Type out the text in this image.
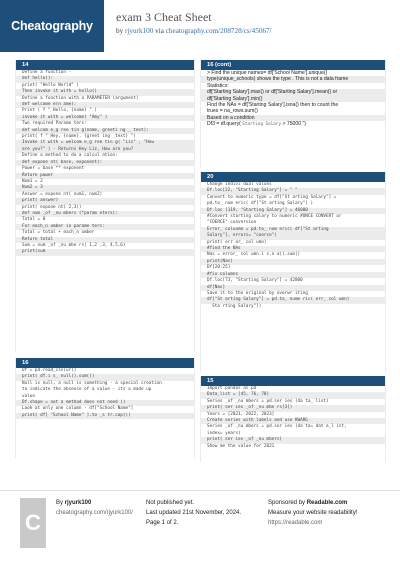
Cheatography
exam 3 Cheat Sheet
by rjyurk100 via cheatography.com/208728/cs/45067/
14
Define a function -
def hello():
print( "Hello World" )
Then invoke it with = hello()
Define a function with a PARAMETER (argument)
def welcome e(n ame):
Print ( f " Hello, {name} " )
invoke it with = welcome( "Amy" )
Two required Parame ters:
def welcom e_g ree tin g(name, greeti ng _ text):
print( f " Hey, {name}. {greet ing _text} ")
Invoke it with = welcom e_g ree tin g( "Liz" , "How
are you?" ) - Returns Hey Liz, How are you?
Define a method to do a calcul ation:
def expone nt( base, exponent):
Power = base ** exponent
Return power
Num1 = 2
Num2 = 3
Answer = expone nt( num1, num2)
print( answer)
print( expone nt( 2,3))
def num _of _nu mbers (*param eters):
Total = 0
For each_n umber in parame ters:
Total = total + each_n umber
Return total
Sum = num _of _nu mbe rs( 1,2 ,3, 4,5,6)
print(sum
16
Df = pd.read_csv(url)
print( df.i s_ null().sum())
Null is null, a null is something - a special creation
to indicate the absence of a value - its a made up
value
Df.shape = not a method does not need ()
Look at only one column - df["School Name"]
print( df[ "School Name" ].to _s tr.cap())
16 (cont)
> Find the unique names= df['School Name'].unique()
type(unique_schools) shows the type . This is not a data frame
Statistics:
df['Starting Salary'].max() or df['Starting Salary'].mean() or
df['Starting Salary'].min()
Find the NAs = df['Starting Salary'].isna() then to count the
trues = na_rows.sum()
Based on a condition
Df3 = df.query( Starting Salary > 75000 ")
20
Change indivi dual values
Df.loc[22, "Starting Salary"] = " "
Convert to numeric type = df["St arting Salary"] =
pd.to_ num eric( df["St arting Salary"] )
Df.loc [119, "Starting Salary"] = 46000
#Convert starting salary to numeric #ONCE CONVERT or
"COERCE" conversion
Error_ coluomn = pd.to_ num eric( df["St arting
Salary"], errors= "coerce")
print( err or_ col umn)
#find the NAs
Nas = error_ col umn.i s.n a().sum()
print(Nas)
Df[20:25]
#fix columns
Df.loc[73, "Starting Salary"] = 42800
df[Nas]
Save it to the original by overwr iting
df["St arting Salary"] = pd.to_ nume ric( err_ col umn)
Sta rting Salary"])
15
Import pandas as pd
Data_list = [45, 76, 78]
Series _of _nu mbers = pd.ser ies (da ta_ list)
print( ser ies _of _nu mbe rs[3])
Years = [2021, 2022, 2023]
Create series with labels and use KWARG
Series _of _nu mbers = pd.ser ies (da ta= dat a_l ist,
index= years)
print( ser ies _of _nu mbers)
Show me the value for 2021
C
By rjyurk100
cheatography.com/rjyurk100/
Not published yet.
Last updated 21st November, 2024.
Page 1 of 2.
Sponsored by Readable.com
Measure your website readability!
https://readable.com
